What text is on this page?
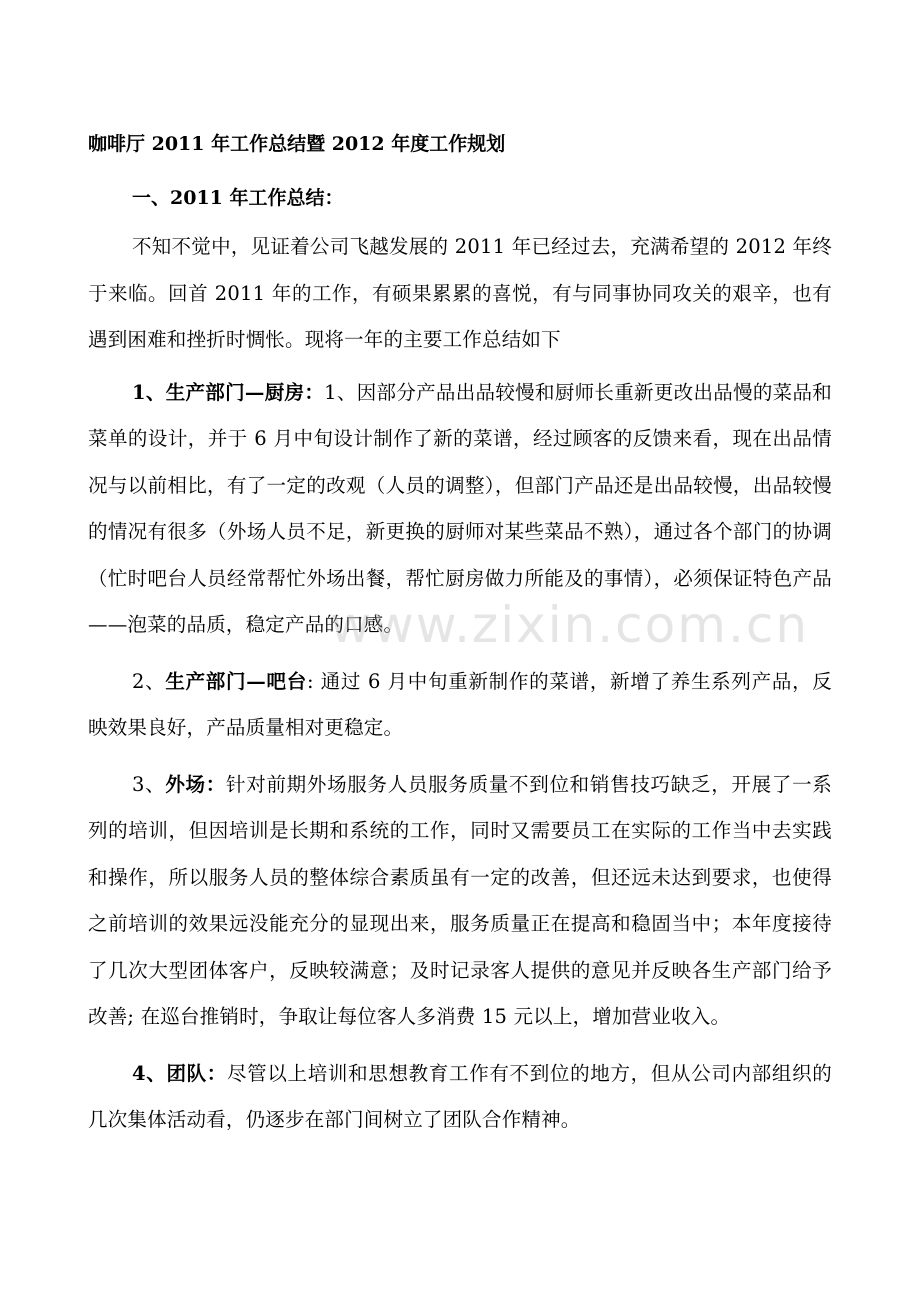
咖啡厅 2011 年工作总结暨 2012 年度工作规划

一、2011 年工作总结：

不知不觉中，见证着公司飞越发展的 2011 年已经过去，充满希望的 2012 年终于来临。回首 2011 年的工作，有硕果累累的喜悦，有与同事协同攻关的艰辛，也有遇到困难和挫折时惆怅。现将一年的主要工作总结如下

1、生产部门—厨房：1、因部分产品出品较慢和厨师长重新更改出品慢的菜品和菜单的设计，并于 6 月中旬设计制作了新的菜谱，经过顾客的反馈来看，现在出品情况与以前相比，有了一定的改观（人员的调整），但部门产品还是出品较慢，出品较慢的情况有很多（外场人员不足，新更换的厨师对某些菜品不熟），通过各个部门的协调（忙时吧台人员经常帮忙外场出餐，帮忙厨房做力所能及的事情），必须保证特色产品——泡菜的品质，稳定产品的口感。

2、生产部门—吧台: 通过 6 月中旬重新制作的菜谱，新增了养生系列产品，反映效果良好，产品质量相对更稳定。

3、外场：针对前期外场服务人员服务质量不到位和销售技巧缺乏，开展了一系列的培训，但因培训是长期和系统的工作，同时又需要员工在实际的工作当中去实践和操作，所以服务人员的整体综合素质虽有一定的改善，但还远未达到要求，也使得之前培训的效果远没能充分的显现出来，服务质量正在提高和稳固当中；本年度接待了几次大型团体客户，反映较满意；及时记录客人提供的意见并反映各生产部门给予改善; 在巡台推销时，争取让每位客人多消费 15 元以上，增加营业收入。

4、团队：尽管以上培训和思想教育工作有不到位的地方，但从公司内部组织的几次集体活动看，仍逐步在部门间树立了团队合作精神。

www.zixin.com.cn
